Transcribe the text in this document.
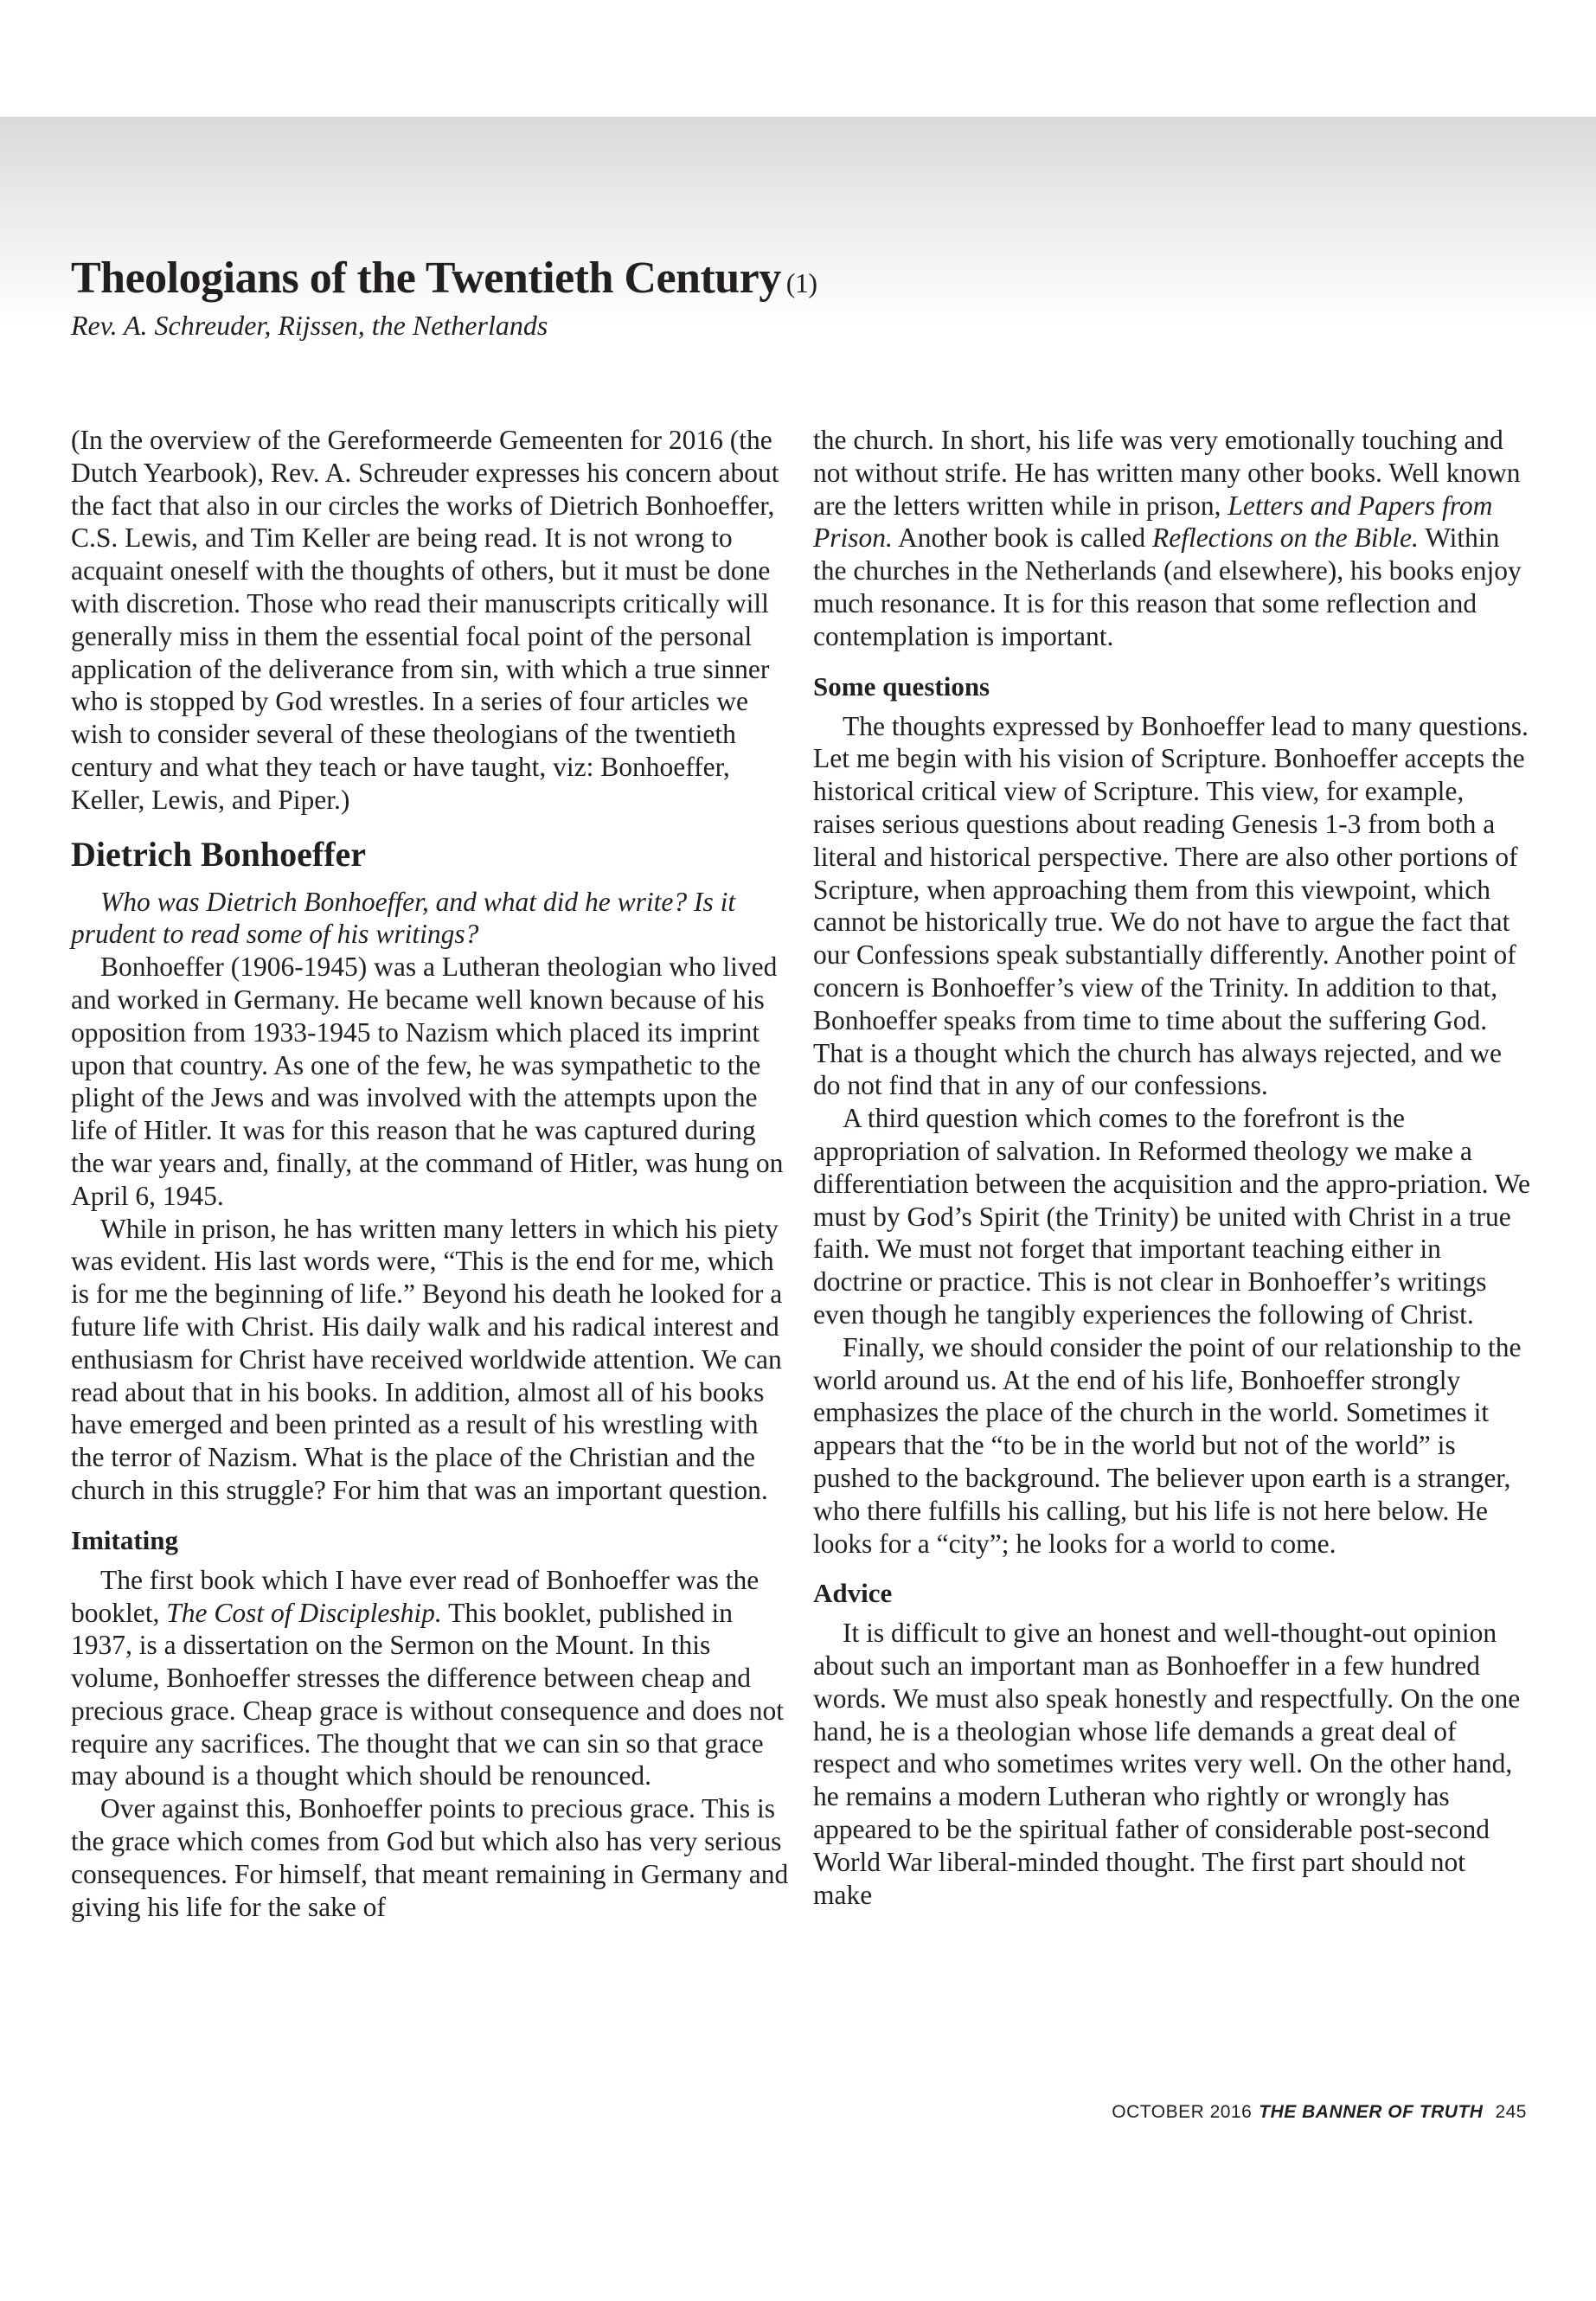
Theologians of the Twentieth Century (1)
Rev. A. Schreuder, Rijssen, the Netherlands

(In the overview of the Gereformeerde Gemeenten for 2016 (the Dutch Yearbook), Rev. A. Schreuder expresses his concern about the fact that also in our circles the works of Dietrich Bonhoeffer, C.S. Lewis, and Tim Keller are being read. It is not wrong to acquaint oneself with the thoughts of others, but it must be done with discretion. Those who read their manuscripts critically will generally miss in them the essential focal point of the personal application of the deliverance from sin, with which a true sinner who is stopped by God wrestles. In a series of four articles we wish to consider several of these theologians of the twentieth century and what they teach or have taught, viz: Bonhoeffer, Keller, Lewis, and Piper.)

Dietrich Bonhoeffer

Who was Dietrich Bonhoeffer, and what did he write? Is it prudent to read some of his writings?

Bonhoeffer (1906-1945) was a Lutheran theologian who lived and worked in Germany. He became well known because of his opposition from 1933-1945 to Nazism which placed its imprint upon that country. As one of the few, he was sympathetic to the plight of the Jews and was involved with the attempts upon the life of Hitler. It was for this reason that he was captured during the war years and, finally, at the command of Hitler, was hung on April 6, 1945.

While in prison, he has written many letters in which his piety was evident. His last words were, “This is the end for me, which is for me the beginning of life.” Beyond his death he looked for a future life with Christ. His daily walk and his radical interest and enthusiasm for Christ have received worldwide attention. We can read about that in his books. In addition, almost all of his books have emerged and been printed as a result of his wrestling with the terror of Nazism. What is the place of the Christian and the church in this struggle? For him that was an important question.

Imitating

The first book which I have ever read of Bonhoeffer was the booklet, The Cost of Discipleship. This booklet, published in 1937, is a dissertation on the Sermon on the Mount. In this volume, Bonhoeffer stresses the difference between cheap and precious grace. Cheap grace is without consequence and does not require any sacrifices. The thought that we can sin so that grace may abound is a thought which should be renounced.

Over against this, Bonhoeffer points to precious grace. This is the grace which comes from God but which also has very serious consequences. For himself, that meant remaining in Germany and giving his life for the sake of

the church. In short, his life was very emotionally touching and not without strife. He has written many other books. Well known are the letters written while in prison, Letters and Papers from Prison. Another book is called Reflections on the Bible. Within the churches in the Netherlands (and elsewhere), his books enjoy much resonance. It is for this reason that some reflection and contemplation is important.

Some questions

The thoughts expressed by Bonhoeffer lead to many questions. Let me begin with his vision of Scripture. Bonhoeffer accepts the historical critical view of Scripture. This view, for example, raises serious questions about reading Genesis 1-3 from both a literal and historical perspective. There are also other portions of Scripture, when approaching them from this viewpoint, which cannot be historically true. We do not have to argue the fact that our Confessions speak substantially differently. Another point of concern is Bonhoeffer’s view of the Trinity. In addition to that, Bonhoeffer speaks from time to time about the suffering God. That is a thought which the church has always rejected, and we do not find that in any of our confessions.

A third question which comes to the forefront is the appropriation of salvation. In Reformed theology we make a differentiation between the acquisition and the appro-priation. We must by God’s Spirit (the Trinity) be united with Christ in a true faith. We must not forget that important teaching either in doctrine or practice. This is not clear in Bonhoeffer’s writings even though he tangibly experiences the following of Christ.

Finally, we should consider the point of our relationship to the world around us. At the end of his life, Bonhoeffer strongly emphasizes the place of the church in the world. Sometimes it appears that the “to be in the world but not of the world” is pushed to the background. The believer upon earth is a stranger, who there fulfills his calling, but his life is not here below. He looks for a “city”; he looks for a world to come.

Advice

It is difficult to give an honest and well-thought-out opinion about such an important man as Bonhoeffer in a few hundred words. We must also speak honestly and respectfully. On the one hand, he is a theologian whose life demands a great deal of respect and who sometimes writes very well. On the other hand, he remains a modern Lutheran who rightly or wrongly has appeared to be the spiritual father of considerable post-second World War liberal-minded thought. The first part should not make

OCTOBER 2016 THE BANNER OF TRUTH 245
